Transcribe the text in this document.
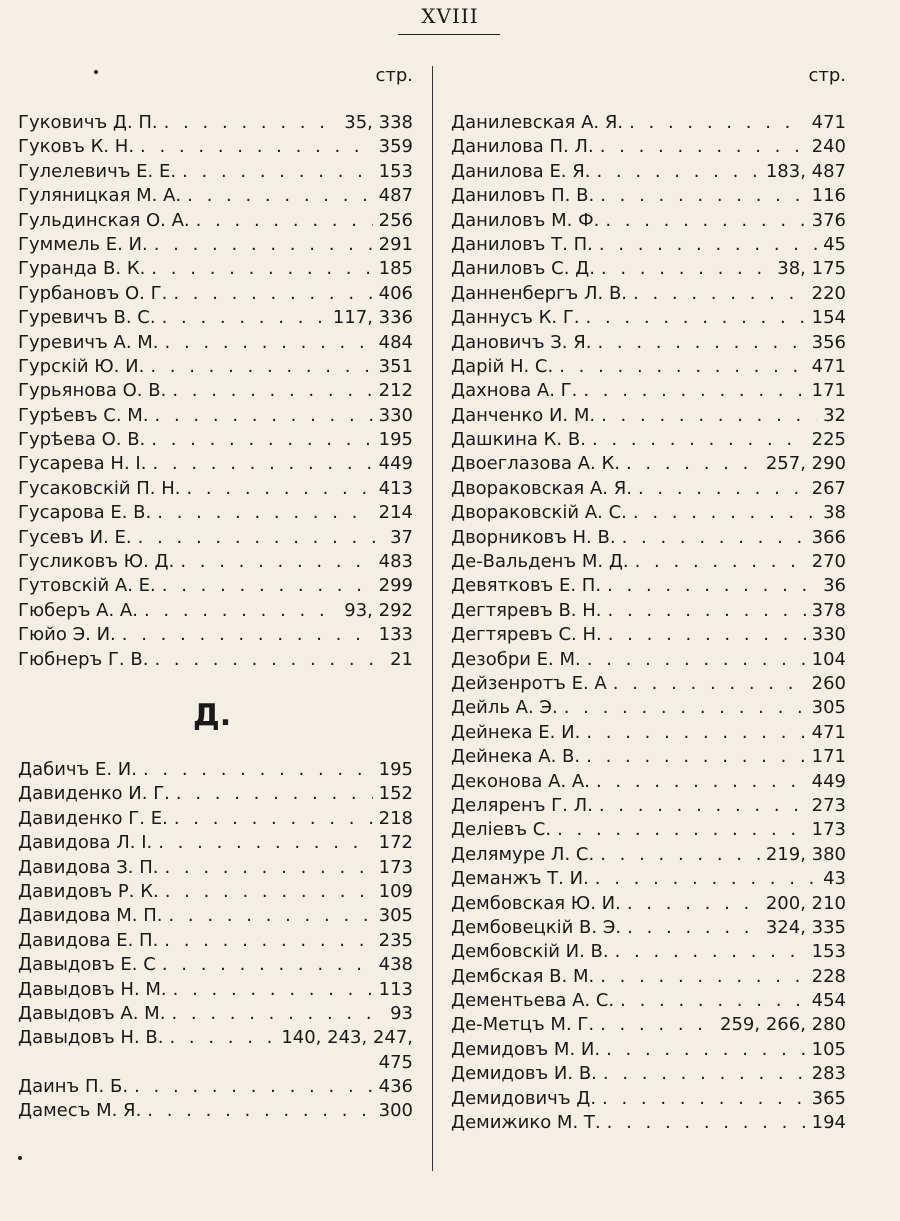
XVIII
стр.
Гуковичъ Д. П. . . .	35, 338
Гуковъ К. Н. . . .	359
Гулелевичъ Е. Е. . . .	153
Гуляницкая М. А. . . .	487
Гульдинская О. А. . . .	256
Гуммель Е. И. . . .	291
Гуранда В. К. . . .	185
Гурбановъ О. Г. . . .	406
Гуревичъ В. С. . . .	117, 336
Гуревичъ А. М. . . .	484
Гурскій Ю. И. . . .	351
Гурьянова О. В. . . .	212
Гурѣевъ С. М. . . .	330
Гурѣева О. В. . . .	195
Гусарева Н. І. . . .	449
Гусаковскій П. Н. . . .	413
Гусарова Е. В. . . .	214
Гусевъ И. Е. . . .	37
Гусликовъ Ю. Д. . . .	483
Гутовскій А. Е. . . .	299
Гюберъ А. А. . . .	93, 292
Гюйо Э. И. . . .	133
Гюбнеръ Г. В. . . .	21
Д.
Дабичъ Е. И. . . .	195
Давиденко И. Г. . . .	152
Давиденко Г. Е. . . .	218
Давидова Л. І. . . .	172
Давидова З. П. . . .	173
Давидовъ Р. К. . . .	109
Давидова М. П. . . .	305
Давидова Е. П. . . .	235
Давыдовъ Е. С . . .	438
Давыдовъ Н. М. . . .	113
Давыдовъ А. М. . . .	93
Давыдовъ Н. В. . . .	140, 243, 247,
475
Даинъ П. Б. . . .	436
Дамесъ М. Я. . . .	300
стр.
Данилевская А. Я. . . .	471
Данилова П. Л. . . .	240
Данилова Е. Я. . . .	183, 487
Даниловъ П. В. . . .	116
Даниловъ М. Ф. . . .	376
Даниловъ Т. П. . . .	45
Даниловъ С. Д. . . .	38, 175
Данненбергъ Л. В. . . .	220
Даннусъ К. Г. . . .	154
Дановичъ З. Я. . . .	356
Дарій Н. С. . . .	471
Дахнова А. Г. . . .	171
Данченко И. М. . . .	32
Дашкина К. В. . . .	225
Двоеглазова А. К. . . .	257, 290
Двораковская А. Я. . . .	267
Двораковскій А. С. . . .	38
Дворниковъ Н. В. . . .	366
Де-Вальденъ М. Д. . . .	270
Девятковъ Е. П. . . .	36
Дегтяревъ В. Н. . . .	378
Дегтяревъ С. Н. . . .	330
Дезобри Е. М. . . .	104
Дейзенротъ Е. А . . .	260
Дейль А. Э. . . .	305
Дейнека Е. И. . . .	471
Дейнека А. В. . . .	171
Деконова А. А. . . .	449
Деляренъ Г. Л. . . .	273
Деліевъ С. . . .	173
Делямуре Л. С. . . .	219, 380
Деманжъ Т. И. . . .	43
Дембовская Ю. И. . . .	200, 210
Дембовецкій В. Э. . . .	324, 335
Дембовскій И. В. . . .	153
Дембская В. М. . . .	228
Дементьева А. С. . . .	454
Де-Метцъ М. Г. . . .	259, 266, 280
Демидовъ М. И. . . .	105
Демидовъ И. В. . . .	283
Демидовичъ Д. . . .	365
Демижико М. Т. . . .	194
